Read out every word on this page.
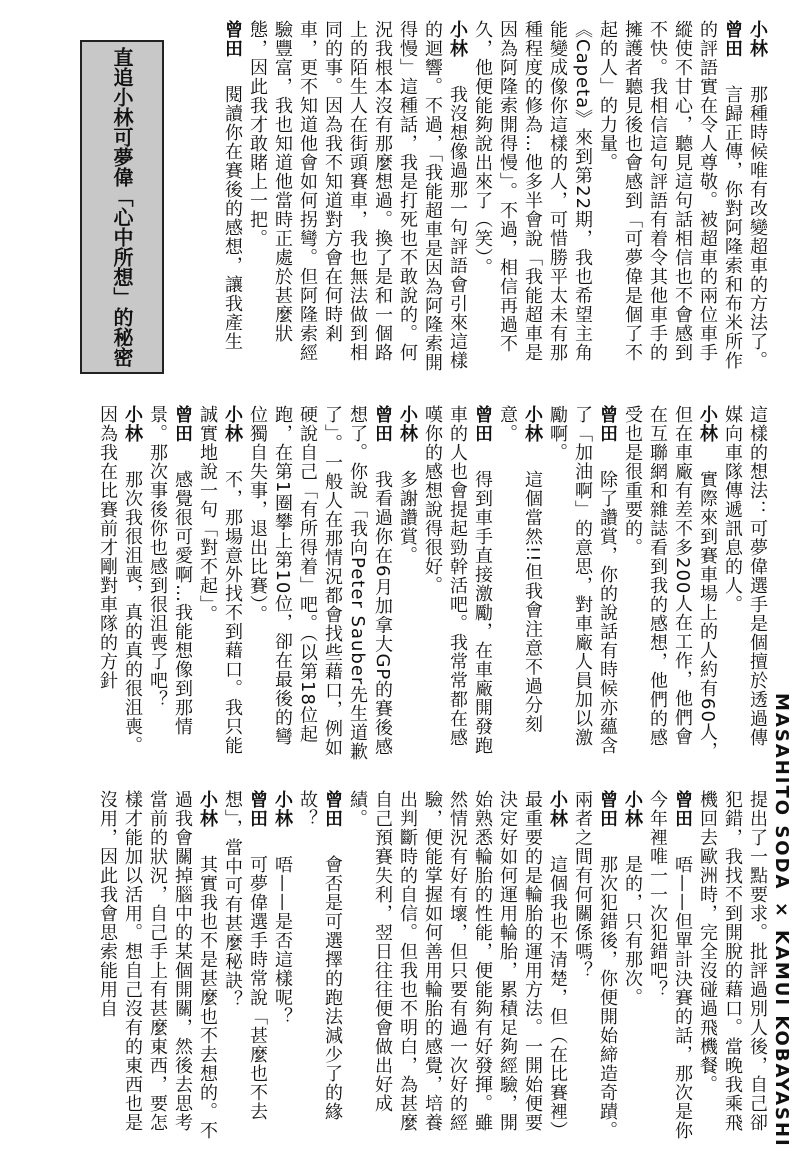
小林　那種時候唯有改變超車的方法了。
曾田　言歸正傳，你對阿隆索和布米所作的評語實在令人尊敬。被超車的兩位車手縱使不甘心，聽見這句話相信也不會感到不快。我相信這句評語有着令其他車手的擁護者聽見後也會感到「可夢偉是個了不起的人」的力量。
《Capeta》來到第22期，我也希望主角能變成像你這樣的人，可惜勝平太未有那種程度的修為…他多半會說「我能超車是因為阿隆索開得慢」。不過，相信再過不久，他便能夠說出來了（笑）。
小林　我沒想像過那一句評語會引來這樣的迴響。不過，「我能超車是因為阿隆索開得慢」這種話，我是打死也不敢說的。何況我根本沒有那麼想過。換了是和一個路上的陌生人在街頭賽車，我也無法做到相同的事。因為我不知道對方會在何時剎車，更不知道他會如何拐彎。但阿隆索經驗豐富，我也知道他當時正處於甚麼狀態，因此我才敢賭上一把。
曾田　閱讀你在賽後的感想，讓我產生
直追小林可夢偉「心中所想」
的秘密
這樣的想法：可夢偉選手是個擅於透過傳媒向車隊傳遞訊息的人。
小林　實際來到賽車場上的人約有60人，但在車廠有差不多200人在工作，他們會在互聯網和雜誌看到我的感想，他們的感受也是很重要的。
曾田　除了讚賞，你的說話有時候亦蘊含了「加油啊」的意思，對車廠人員加以激勵啊。
小林　這個當然!!但我會注意不過分刻意。
曾田　得到車手直接激勵，在車廠開發跑車的人也會提起勁幹活吧。我常常都在感嘆你的感想說得很好。
小林　多謝讚賞。
曾田　我看過你在6月加拿大GP的賽後感想了。你說「我向Peter Sauber先生道歉了」。一般人在那情況都會找些藉口，例如硬說自己「有所得着」吧。（以第18位起跑，在第1圈攀上第10位，卻在最後的彎位獨自失事，退出比賽）。
小林　不，那場意外找不到藉口。我只能誠實地說一句「對不起」。
曾田　感覺很可愛啊…我能想像到那情景。那次事後你也感到很沮喪了吧？
小林　那次我很沮喪，真的真的很沮喪。因為我在比賽前才剛對車隊的方針
提出了一點要求。批評過別人後，自己卻犯錯，我找不到開脫的藉口。當晚我乘飛機回去歐洲時，完全沒碰過飛機餐。
曾田　唔——但單計決賽的話，那次是你今年裡唯一一次犯錯吧？
小林　是的，只有那次。
曾田　那次犯錯後，你便開始締造奇蹟。兩者之間有何關係嗎？
小林　這個我也不清楚，但（在比賽裡）最重要的是輪胎的運用方法。一開始便要決定好如何運用輪胎，累積足夠經驗，開始熟悉輪胎的性能，便能夠有好發揮。雖然情況有好有壞，但只要有過一次好的經驗，便能掌握如何善用輪胎的感覺，培養出判斷時的自信。但我也不明白，為甚麼自己預賽失利，翌日往往便會做出好成績。
曾田　會否是可選擇的跑法減少了的緣故？
小林　唔——是否這樣呢？
曾田　可夢偉選手時常說「甚麼也不去想」，當中可有甚麼秘訣？
小林　其實我也不是甚麼也不去想的。不過我會關掉腦中的某個開關，然後去思考當前的狀況，自己手上有甚麼東西，要怎樣才能加以活用。想自己沒有的東西也是沒用，因此我會思索能用自	MASAHITO SODA × KAMUI KOBAYASHI
